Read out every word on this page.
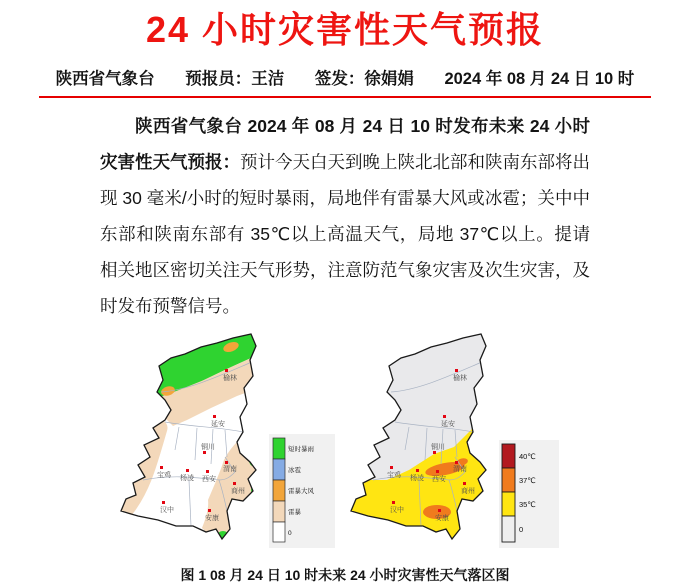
24 小时灾害性天气预报
陕西省气象台 预报员：王洁 签发：徐娟娟 2024 年 08 月 24 日 10 时

陕西省气象台 2024 年 08 月 24 日 10 时发布未来 24 小时灾害性天气预报：预计今天白天到晚上陕北北部和陕南东部将出现 30 毫米/小时的短时暴雨，局地伴有雷暴大风或冰雹；关中中东部和陕南东部有 35℃以上高温天气，局地 37℃以上。提请相关地区密切关注天气形势，注意防范气象灾害及次生灾害，及时发布预警信号。

榆林
延安
铜川
宝鸡 杨凌 西安
渭南
商州
汉中
安康
短时暴雨
冰雹
雷暴大风
雷暴
0
榆林
延安
铜川
宝鸡 杨凌 西安
渭南
商州
汉中
安康
40℃
37℃
35℃
0
图 1 08 月 24 日 10 时未来 24 小时灾害性天气落区图
